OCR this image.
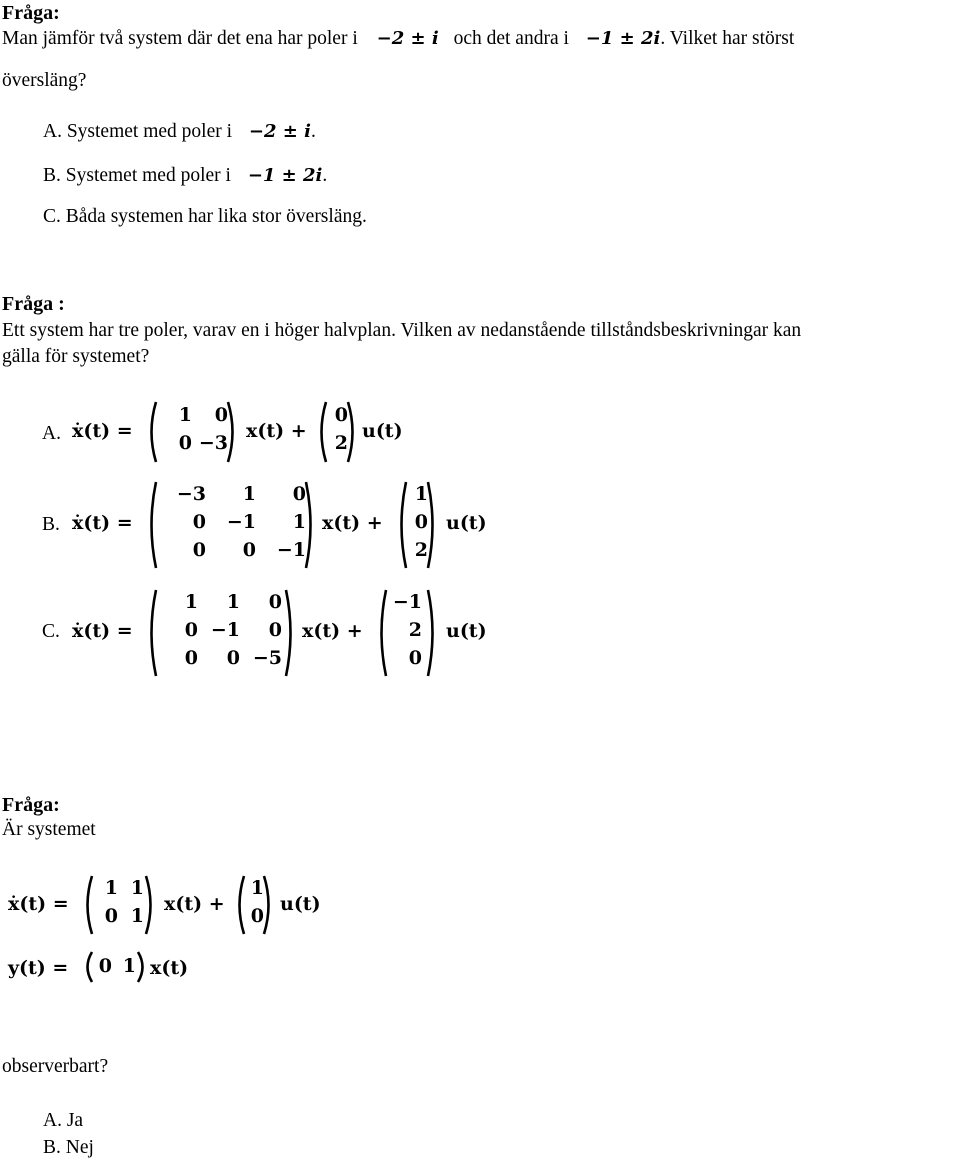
Fråga:
Man jämför två system där det ena har poler i −2 ± i och det andra i −1 ± 2i. Vilket har störst
översläng?
A. Systemet med poler i −2 ± i.
B. Systemet med poler i −1 ± 2i.
C. Båda systemen har lika stor översläng.
Fråga :
Ett system har tre poler, varav en i höger halvplan. Vilken av nedanstående tillståndsbeskrivningar kan
gälla för systemet?
A. ẋ(t) =
1	0
0 −3
x(t) +
0
2
u(t)
B. ẋ(t) =
−3	1	0
0	−1	1
0	0	−1
x(t) +
1
0
2
u(t)
C. ẋ(t) =
1	1	0
0 −1	0
0	0 −5
x(t) +
−1
2
0
u(t)
Fråga:
Är systemet
ẋ(t) =
1 1
0 1
x(t) +
1
0
u(t)
y(t) =	0 1 x(t)
observerbart?
A. Ja
B. Nej
